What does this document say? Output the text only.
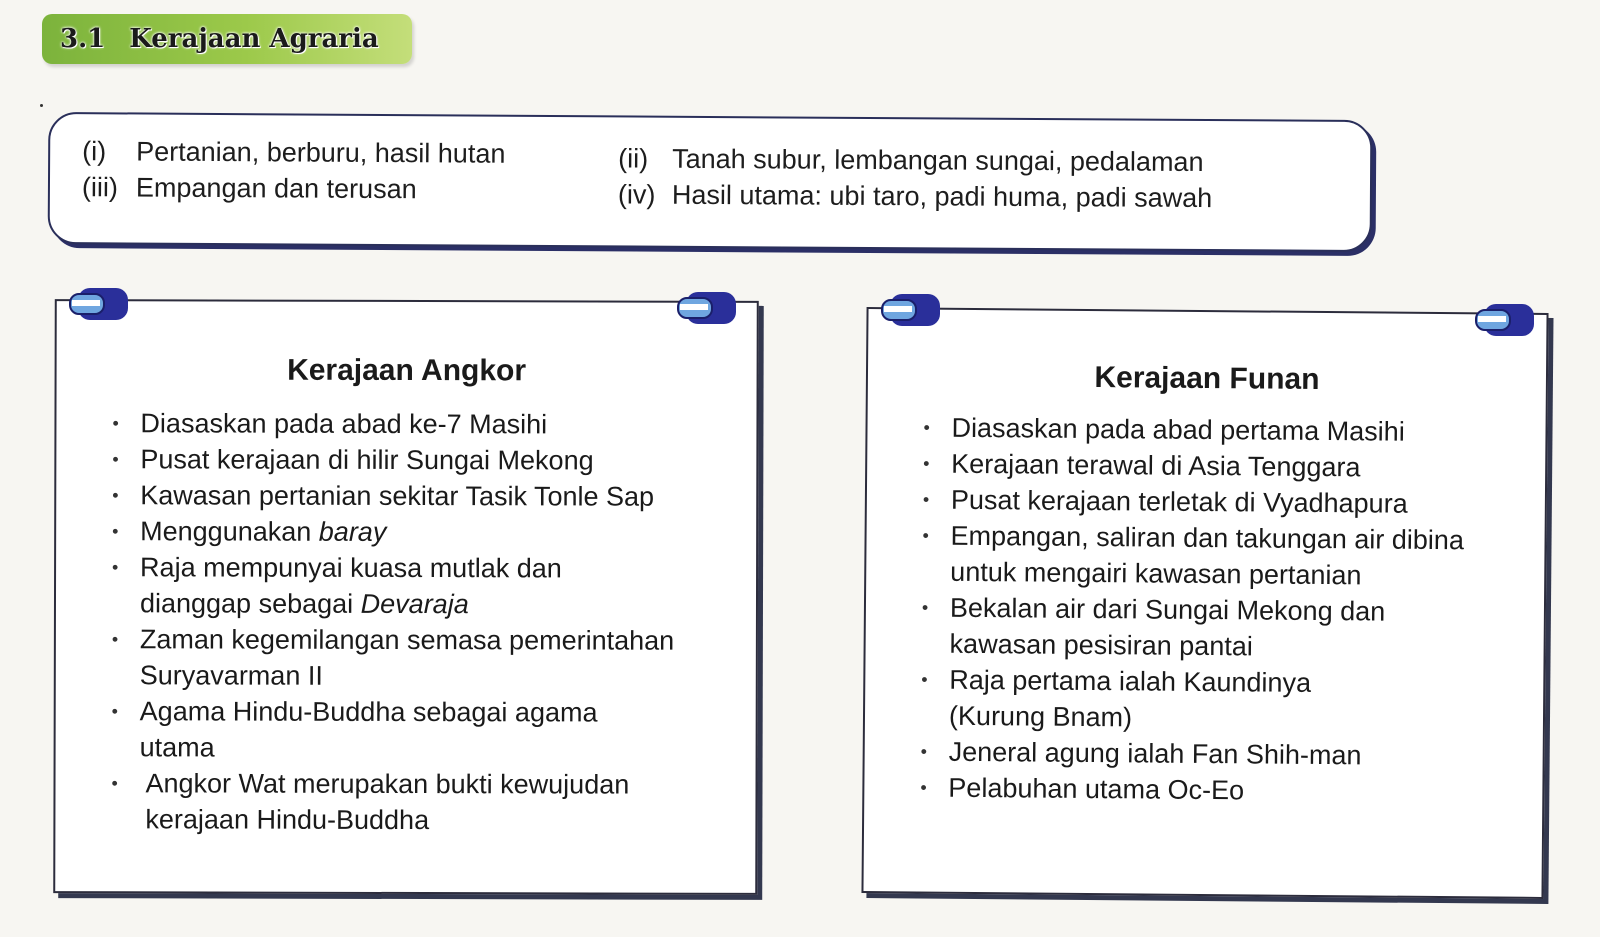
3.1 Kerajaan Agraria
(i) Pertanian, berburu, hasil hutan	(ii) Tanah subur, lembangan sungai, pedalaman
(iii) Empangan dan terusan	(iv) Hasil utama: ubi taro, padi huma, padi sawah
Kerajaan Angkor
• Diasaskan pada abad ke-7 Masihi
• Pusat kerajaan di hilir Sungai Mekong
• Kawasan pertanian sekitar Tasik Tonle Sap
• Menggunakan baray
• Raja mempunyai kuasa mutlak dan
dianggap sebagai Devaraja
• Zaman kegemilangan semasa pemerintahan
Suryavarman II
• Agama Hindu-Buddha sebagai agama
utama
• Angkor Wat merupakan bukti kewujudan
kerajaan Hindu-Buddha
Kerajaan Funan
• Diasaskan pada abad pertama Masihi
• Kerajaan terawal di Asia Tenggara
• Pusat kerajaan terletak di Vyadhapura
• Empangan, saliran dan takungan air dibina
untuk mengairi kawasan pertanian
• Bekalan air dari Sungai Mekong dan
kawasan pesisiran pantai
• Raja pertama ialah Kaundinya
(Kurung Bnam)
• Jeneral agung ialah Fan Shih-man
• Pelabuhan utama Oc-Eo
